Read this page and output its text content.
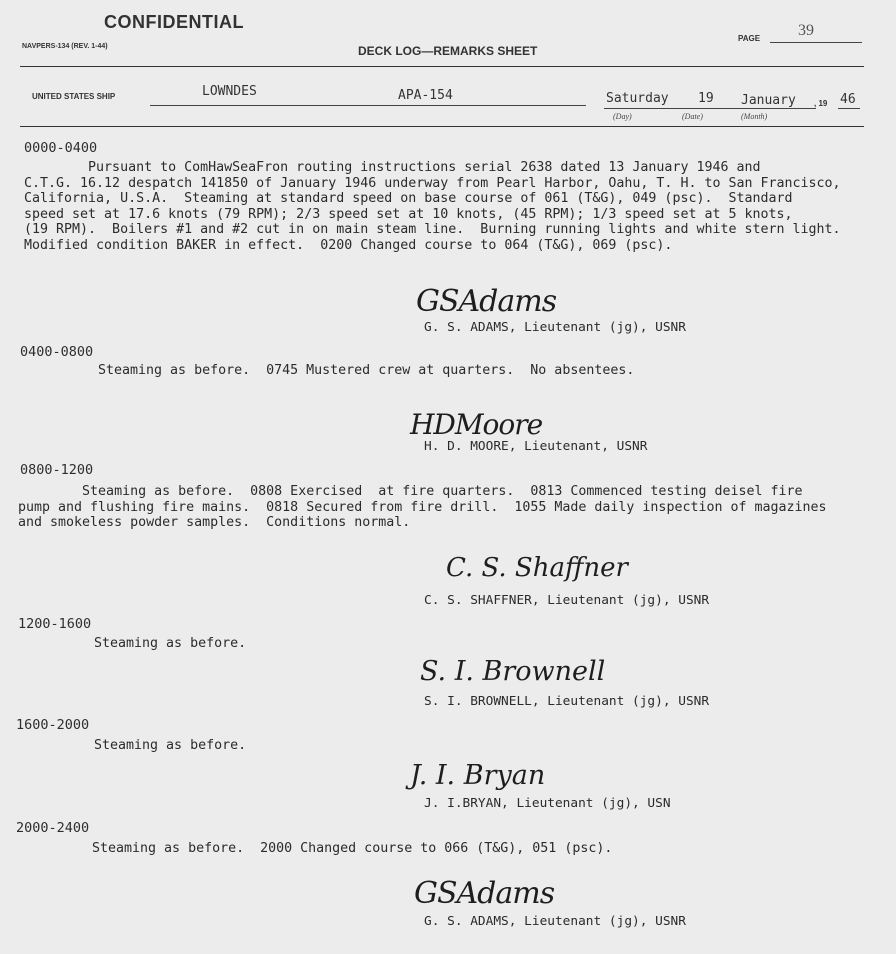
CONFIDENTIAL
NAVPERS-134 (REV. 1-44)	DECK LOG—REMARKS SHEET
PAGE 39
UNITED STATES SHIP	LOWNDES	APA-154	Saturday 19 January , 19 46
(Day)	(Date)	(Month)
0000-0400
Pursuant to ComHawSeaFron routing instructions serial 2638 dated 13 January 1946 and
C.T.G. 16.12 despatch 141850 of January 1946 underway from Pearl Harbor, Oahu, T. H. to San Francisco,
California, U.S.A.  Steaming at standard speed on base course of 061 (T&G), 049 (psc).  Standard
speed set at 17.6 knots (79 RPM); 2/3 speed set at 10 knots, (45 RPM); 1/3 speed set at 5 knots,
(19 RPM).  Boilers #1 and #2 cut in on main steam line.  Burning running lights and white stern light.
Modified condition BAKER in effect.  0200 Changed course to 064 (T&G), 069 (psc).
GSAdams
G. S. ADAMS, Lieutenant (jg), USNR
0400-0800
Steaming as before.  0745 Mustered crew at quarters.  No absentees.
HDMoore
H. D. MOORE, Lieutenant, USNR
0800-1200
Steaming as before.  0808 Exercised  at fire quarters.  0813 Commenced testing deisel fire
pump and flushing fire mains.  0818 Secured from fire drill.  1055 Made daily inspection of magazines
and smokeless powder samples.  Conditions normal.
C. S. Shaffner
C. S. SHAFFNER, Lieutenant (jg), USNR
1200-1600
Steaming as before.
S. I. Brownell
S. I. BROWNELL, Lieutenant (jg), USNR
1600-2000
Steaming as before.
J. I. Bryan
J. I.BRYAN, Lieutenant (jg), USN
2000-2400
Steaming as before.  2000 Changed course to 066 (T&G), 051 (psc).
GSAdams
G. S. ADAMS, Lieutenant (jg), USNR
